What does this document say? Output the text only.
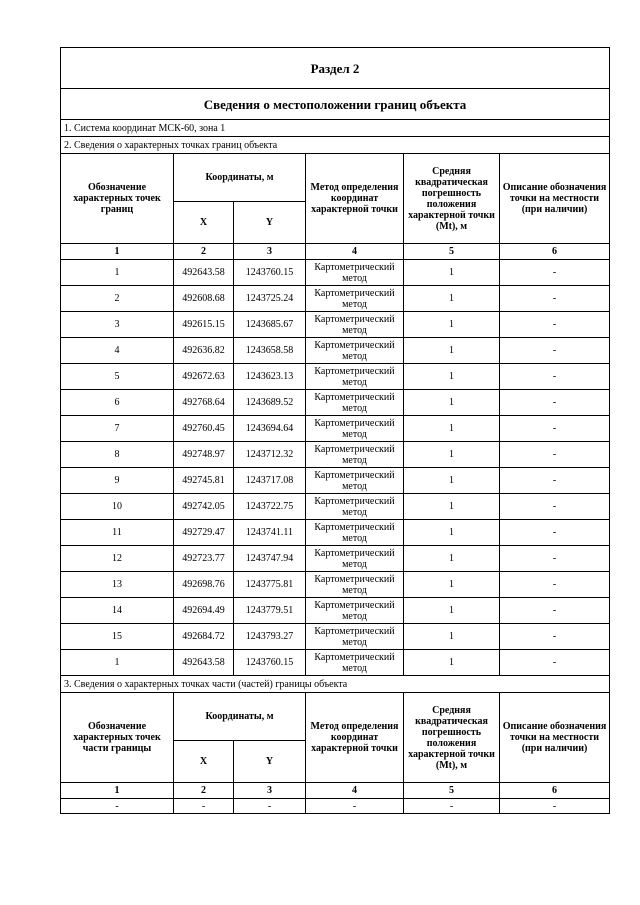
Раздел 2					
Сведения о местоположении границ объекта					
1. Система координат МСК-60, зона 1					
2. Сведения о характерных точках границ объекта					
Обозначение характерных точек границ	Координаты, м		Метод определения координат характерной точки	Средняя квадратическая погрешность положения характерной точки (Mt), м	Описание обозначения точки на местности (при наличии)
	X	Y			
1	2	3	4	5	6
1	492643.58	1243760.15	Картометрический метод	1	-
2	492608.68	1243725.24	Картометрический метод	1	-
3	492615.15	1243685.67	Картометрический метод	1	-
4	492636.82	1243658.58	Картометрический метод	1	-
5	492672.63	1243623.13	Картометрический метод	1	-
6	492768.64	1243689.52	Картометрический метод	1	-
7	492760.45	1243694.64	Картометрический метод	1	-
8	492748.97	1243712.32	Картометрический метод	1	-
9	492745.81	1243717.08	Картометрический метод	1	-
10	492742.05	1243722.75	Картометрический метод	1	-
11	492729.47	1243741.11	Картометрический метод	1	-
12	492723.77	1243747.94	Картометрический метод	1	-
13	492698.76	1243775.81	Картометрический метод	1	-
14	492694.49	1243779.51	Картометрический метод	1	-
15	492684.72	1243793.27	Картометрический метод	1	-
1	492643.58	1243760.15	Картометрический метод	1	-
3. Сведения о характерных точках части (частей) границы объекта					
Обозначение характерных точек части границы	Координаты, м		Метод определения координат характерной точки	Средняя квадратическая погрешность положения характерной точки (Mt), м	Описание обозначения точки на местности (при наличии)
	X	Y			
1	2	3	4	5	6
-	-	-	-	-	-
